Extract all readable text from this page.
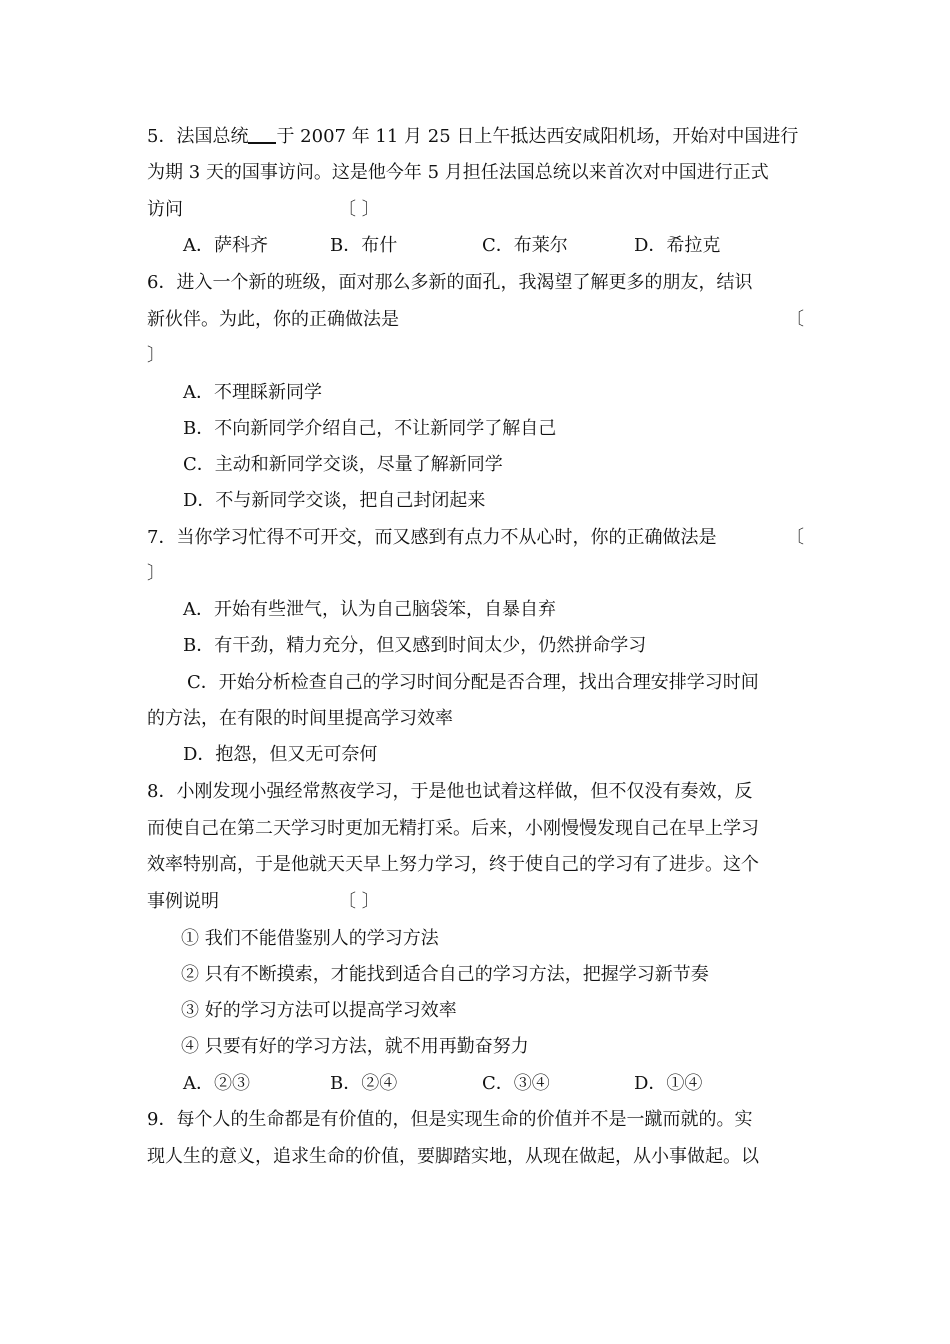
5．法国总统 于 2007 年 11 月 25 日上午抵达西安咸阳机场，开始对中国进行
为期 3 天的国事访问。这是他今年 5 月担任法国总统以来首次对中国进行正式
访问	〔 〕
A．萨科齐	B．布什	C．布莱尔	D．希拉克
6．进入一个新的班级，面对那么多新的面孔，我渴望了解更多的朋友，结识
新伙伴。为此，你的正确做法是	〔
〕
A．不理睬新同学
B．不向新同学介绍自己，不让新同学了解自己
C．主动和新同学交谈，尽量了解新同学
D．不与新同学交谈，把自己封闭起来
7．当你学习忙得不可开交，而又感到有点力不从心时，你的正确做法是	〔
〕
A．开始有些泄气，认为自己脑袋笨，自暴自弃
B．有干劲，精力充分，但又感到时间太少，仍然拼命学习
C．开始分析检查自己的学习时间分配是否合理，找出合理安排学习时间
的方法，在有限的时间里提高学习效率
D．抱怨，但又无可奈何
8．小刚发现小强经常熬夜学习，于是他也试着这样做，但不仅没有奏效，反
而使自己在第二天学习时更加无精打采。后来，小刚慢慢发现自己在早上学习
效率特别高，于是他就天天早上努力学习，终于使自己的学习有了进步。这个
事例说明	〔 〕
① 我们不能借鉴别人的学习方法
② 只有不断摸索，才能找到适合自己的学习方法，把握学习新节奏
③ 好的学习方法可以提高学习效率
④ 只要有好的学习方法，就不用再勤奋努力
A．②③	B．②④	C．③④	D．①④
9．每个人的生命都是有价值的，但是实现生命的价值并不是一蹴而就的。实
现人生的意义，追求生命的价值，要脚踏实地，从现在做起，从小事做起。以
